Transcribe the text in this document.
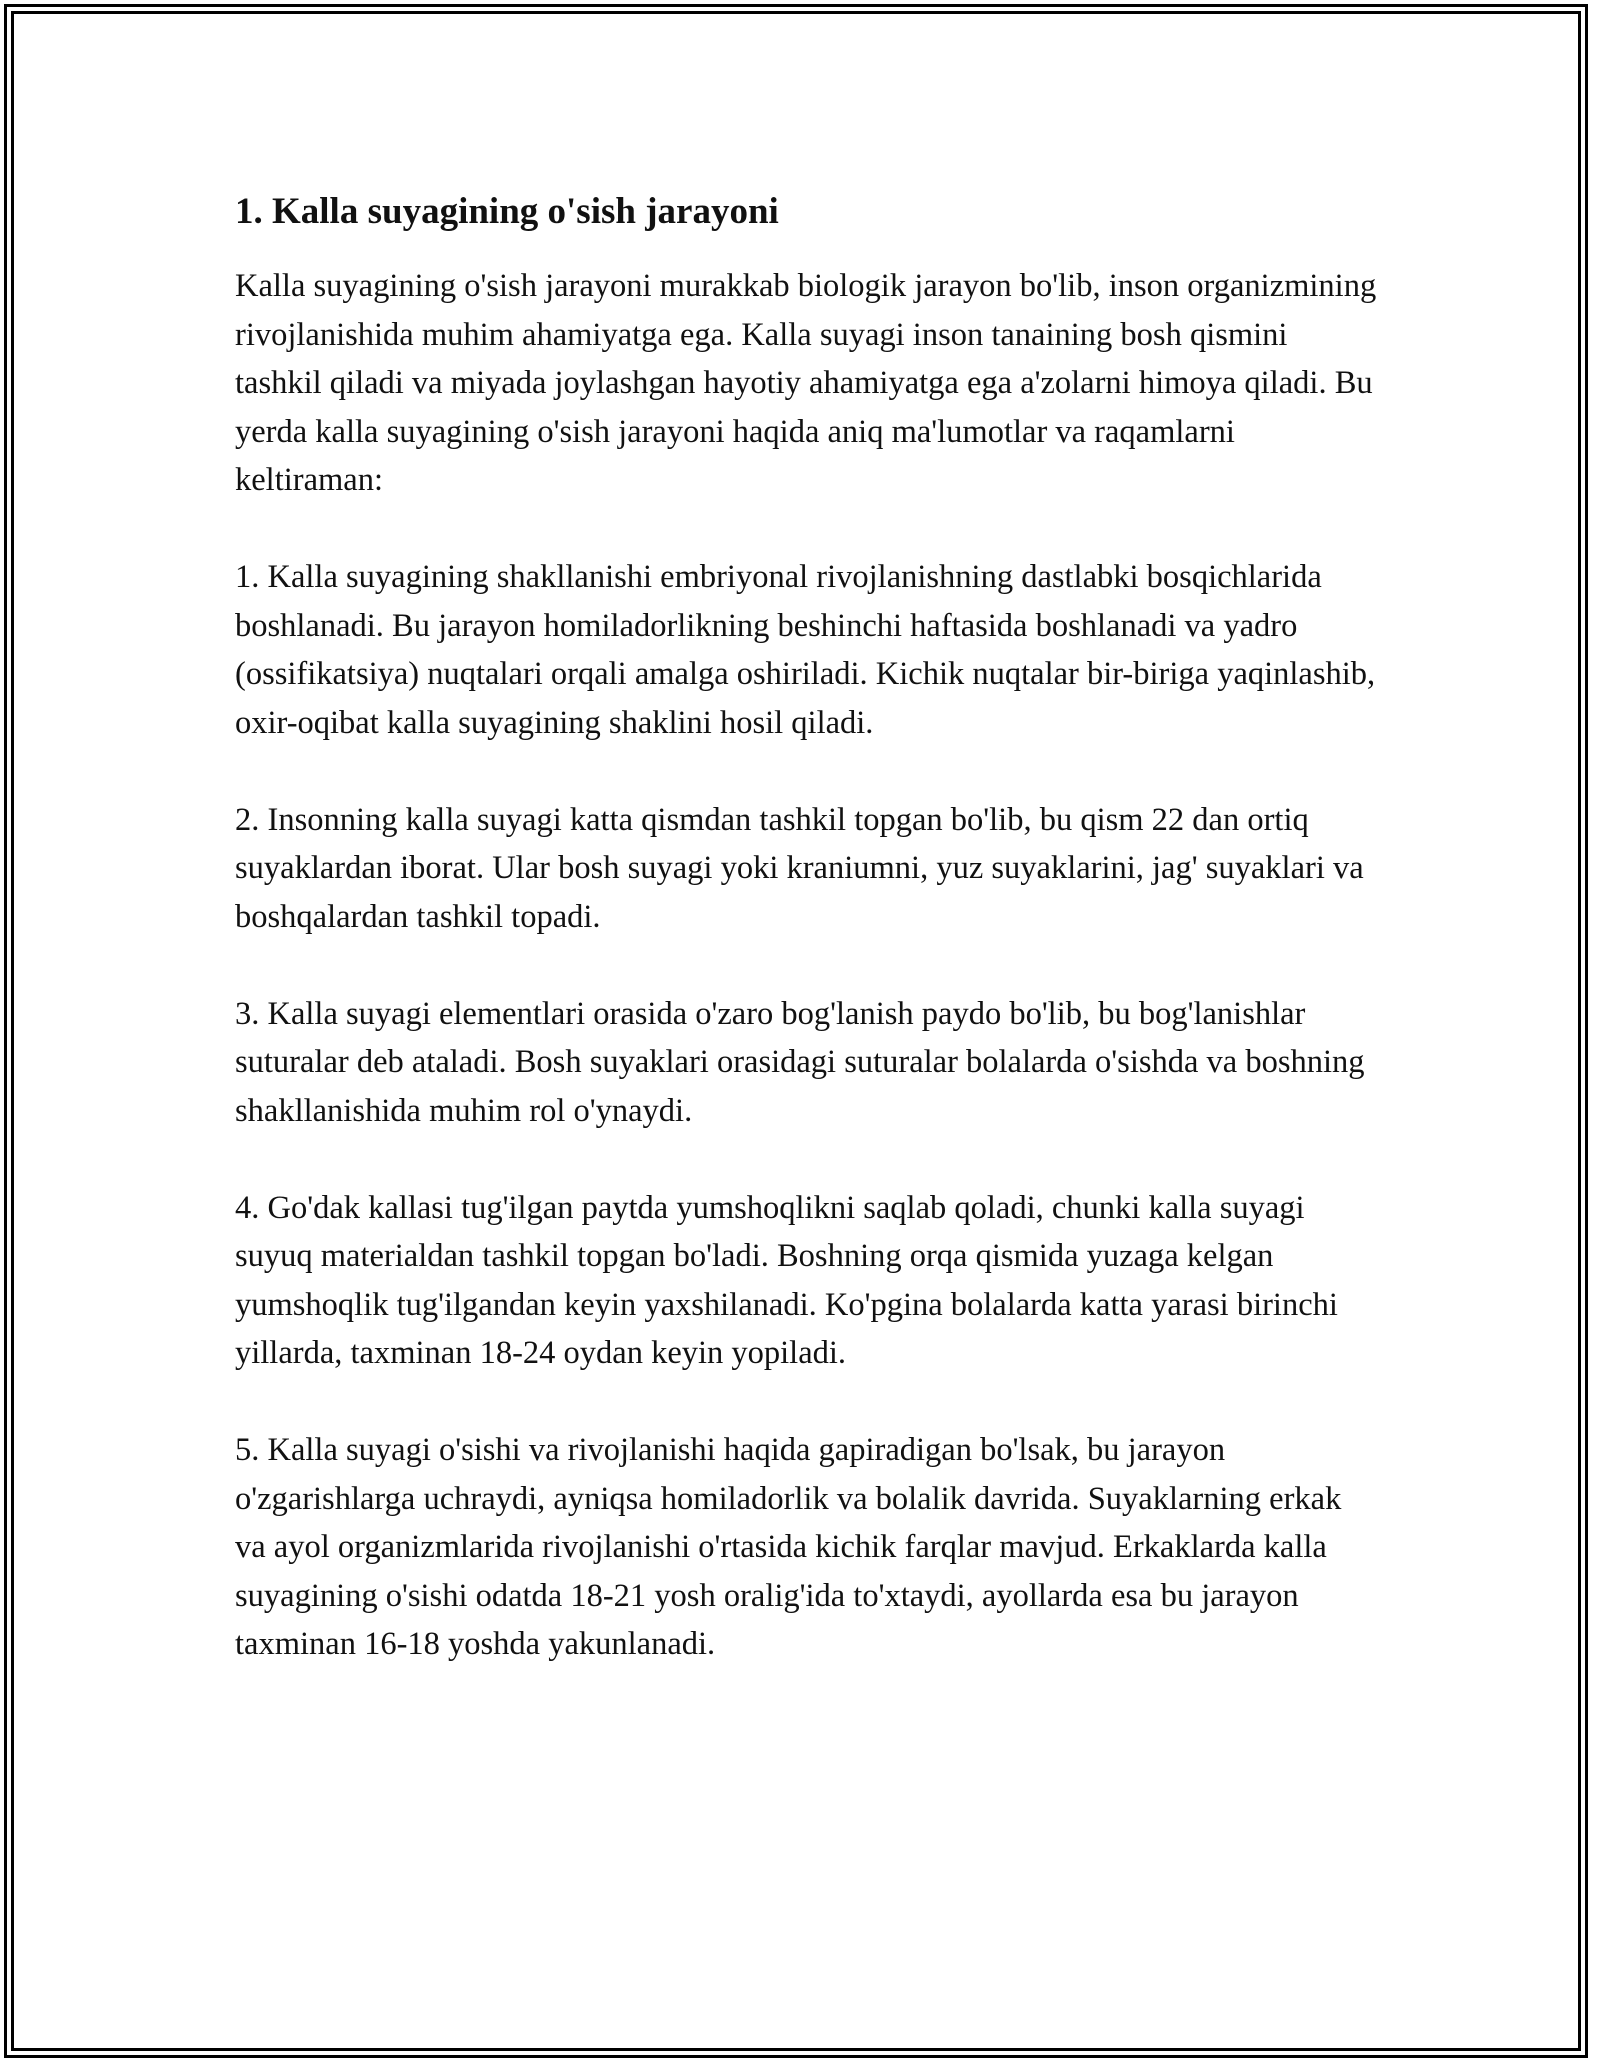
1. Kalla suyagining o'sish jarayoni

Kalla suyagining o'sish jarayoni murakkab biologik jarayon bo'lib, inson organizmining rivojlanishida muhim ahamiyatga ega. Kalla suyagi inson tanaining bosh qismini tashkil qiladi va miyada joylashgan hayotiy ahamiyatga ega a'zolarni himoya qiladi. Bu yerda kalla suyagining o'sish jarayoni haqida aniq ma'lumotlar va raqamlarni keltiraman:

1. Kalla suyagining shakllanishi embriyonal rivojlanishning dastlabki bosqichlarida boshlanadi. Bu jarayon homiladorlikning beshinchi haftasida boshlanadi va yadro (ossifikatsiya) nuqtalari orqali amalga oshiriladi. Kichik nuqtalar bir-biriga yaqinlashib, oxir-oqibat kalla suyagining shaklini hosil qiladi.

2. Insonning kalla suyagi katta qismdan tashkil topgan bo'lib, bu qism 22 dan ortiq suyaklardan iborat. Ular bosh suyagi yoki kraniumni, yuz suyaklarini, jag' suyaklari va boshqalardan tashkil topadi.

3. Kalla suyagi elementlari orasida o'zaro bog'lanish paydo bo'lib, bu bog'lanishlar suturalar deb ataladi. Bosh suyaklari orasidagi suturalar bolalarda o'sishda va boshning shakllanishida muhim rol o'ynaydi.

4. Go'dak kallasi tug'ilgan paytda yumshoqlikni saqlab qoladi, chunki kalla suyagi suyuq materialdan tashkil topgan bo'ladi. Boshning orqa qismida yuzaga kelgan yumshoqlik tug'ilgandan keyin yaxshilanadi. Ko'pgina bolalarda katta yarasi birinchi yillarda, taxminan 18-24 oydan keyin yopiladi.

5. Kalla suyagi o'sishi va rivojlanishi haqida gapiradigan bo'lsak, bu jarayon o'zgarishlarga uchraydi, ayniqsa homiladorlik va bolalik davrida. Suyaklarning erkak va ayol organizmlarida rivojlanishi o'rtasida kichik farqlar mavjud. Erkaklarda kalla suyagining o'sishi odatda 18-21 yosh oralig'ida to'xtaydi, ayollarda esa bu jarayon taxminan 16-18 yoshda yakunlanadi.
